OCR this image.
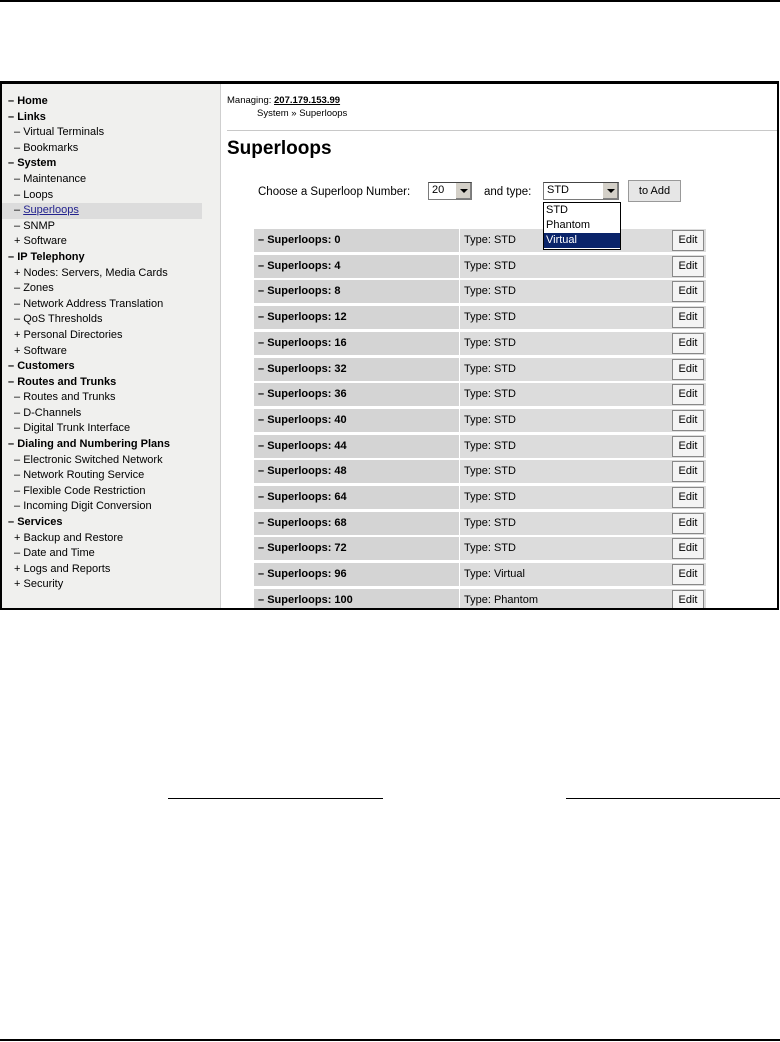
– Home
– Links
– Virtual Terminals
– Bookmarks
– System
– Maintenance
– Loops
– Superloops
– SNMP
+ Software
– IP Telephony
+ Nodes: Servers, Media Cards
– Zones
– Network Address Translation
– QoS Thresholds
+ Personal Directories
+ Software
– Customers
– Routes and Trunks
– Routes and Trunks
– D-Channels
– Digital Trunk Interface
– Dialing and Numbering Plans
– Electronic Switched Network
– Network Routing Service
– Flexible Code Restriction
– Incoming Digit Conversion
– Services
+ Backup and Restore
– Date and Time
+ Logs and Reports
+ Security
Managing: 207.179.153.99
System » Superloops
Superloops
Choose a Superloop Number: 20	and type: STD	to Add
STD
Phantom
Virtual
– Superloops: 0	Type: STD	Edit
– Superloops: 4	Type: STD	Edit
– Superloops: 8	Type: STD	Edit
– Superloops: 12	Type: STD	Edit
– Superloops: 16	Type: STD	Edit
– Superloops: 32	Type: STD	Edit
– Superloops: 36	Type: STD	Edit
– Superloops: 40	Type: STD	Edit
– Superloops: 44	Type: STD	Edit
– Superloops: 48	Type: STD	Edit
– Superloops: 64	Type: STD	Edit
– Superloops: 68	Type: STD	Edit
– Superloops: 72	Type: STD	Edit
– Superloops: 96	Type: Virtual	Edit
– Superloops: 100	Type: Phantom	Edit
